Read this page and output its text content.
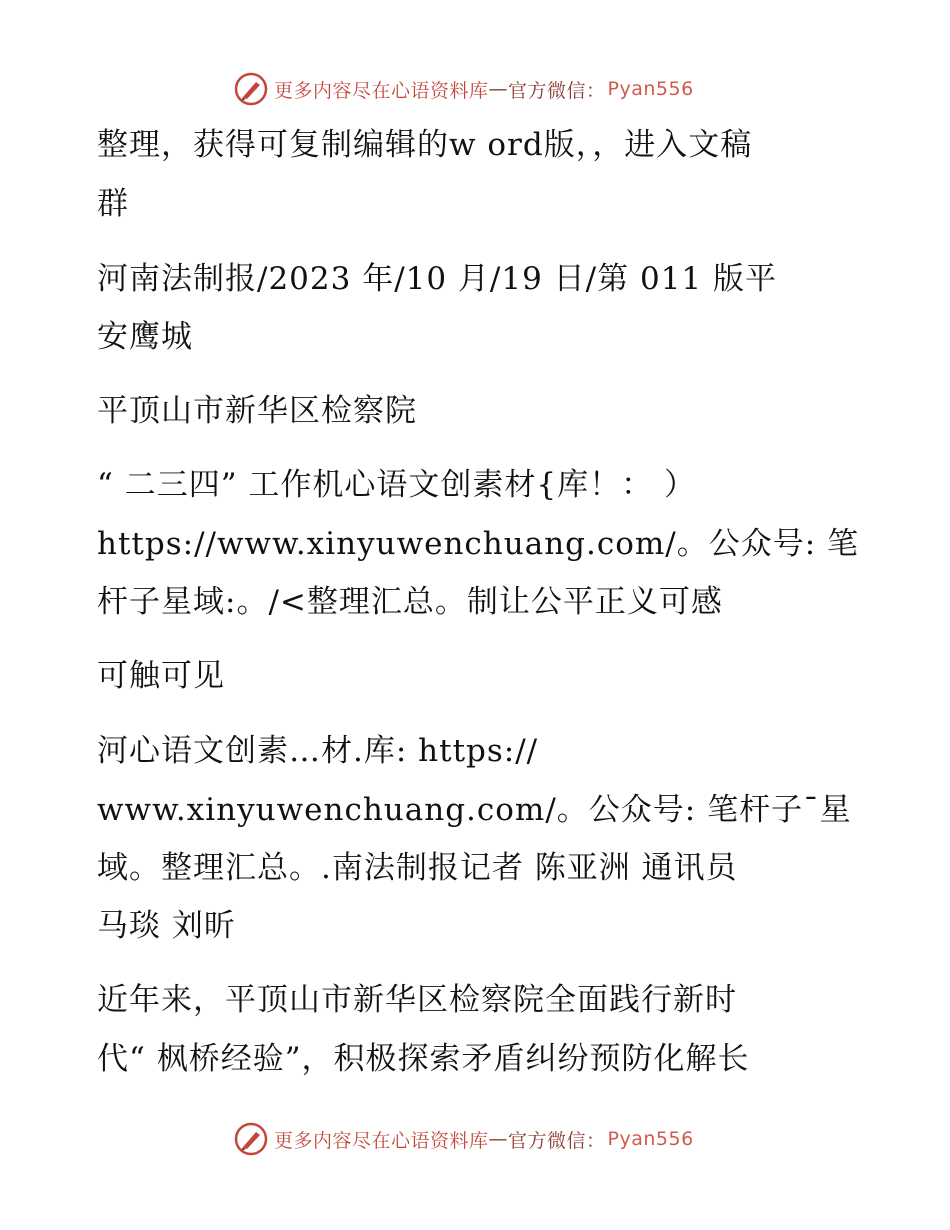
更多内容尽在心语资料库 — 官方微信： Pyan556
整理，获得可复制编辑的w ord版，，进入文稿
群
河南法制报/2023 年/10 月/19 日/第 011 版平
安鹰城
平顶山市新华区检察院
“ 二三四” 工作机心语文创素材{库！： ）
https://www.xinyuwenchuang.com/。公众号: 笔
杆子星域:。/<整理汇总。制让公平正义可感
可触可见
河心语文创素…材.库: https://
www.xinyuwenchuang.com/。公众号: 笔杆子¯星
域。整理汇总。.南法制报记者 陈亚洲 通讯员
马琰 刘昕
近年来，平顶山市新华区检察院全面践行新时
代“ 枫桥经验”，积极探索矛盾纠纷预防化解长
更多内容尽在心语资料库 — 官方微信： Pyan556
